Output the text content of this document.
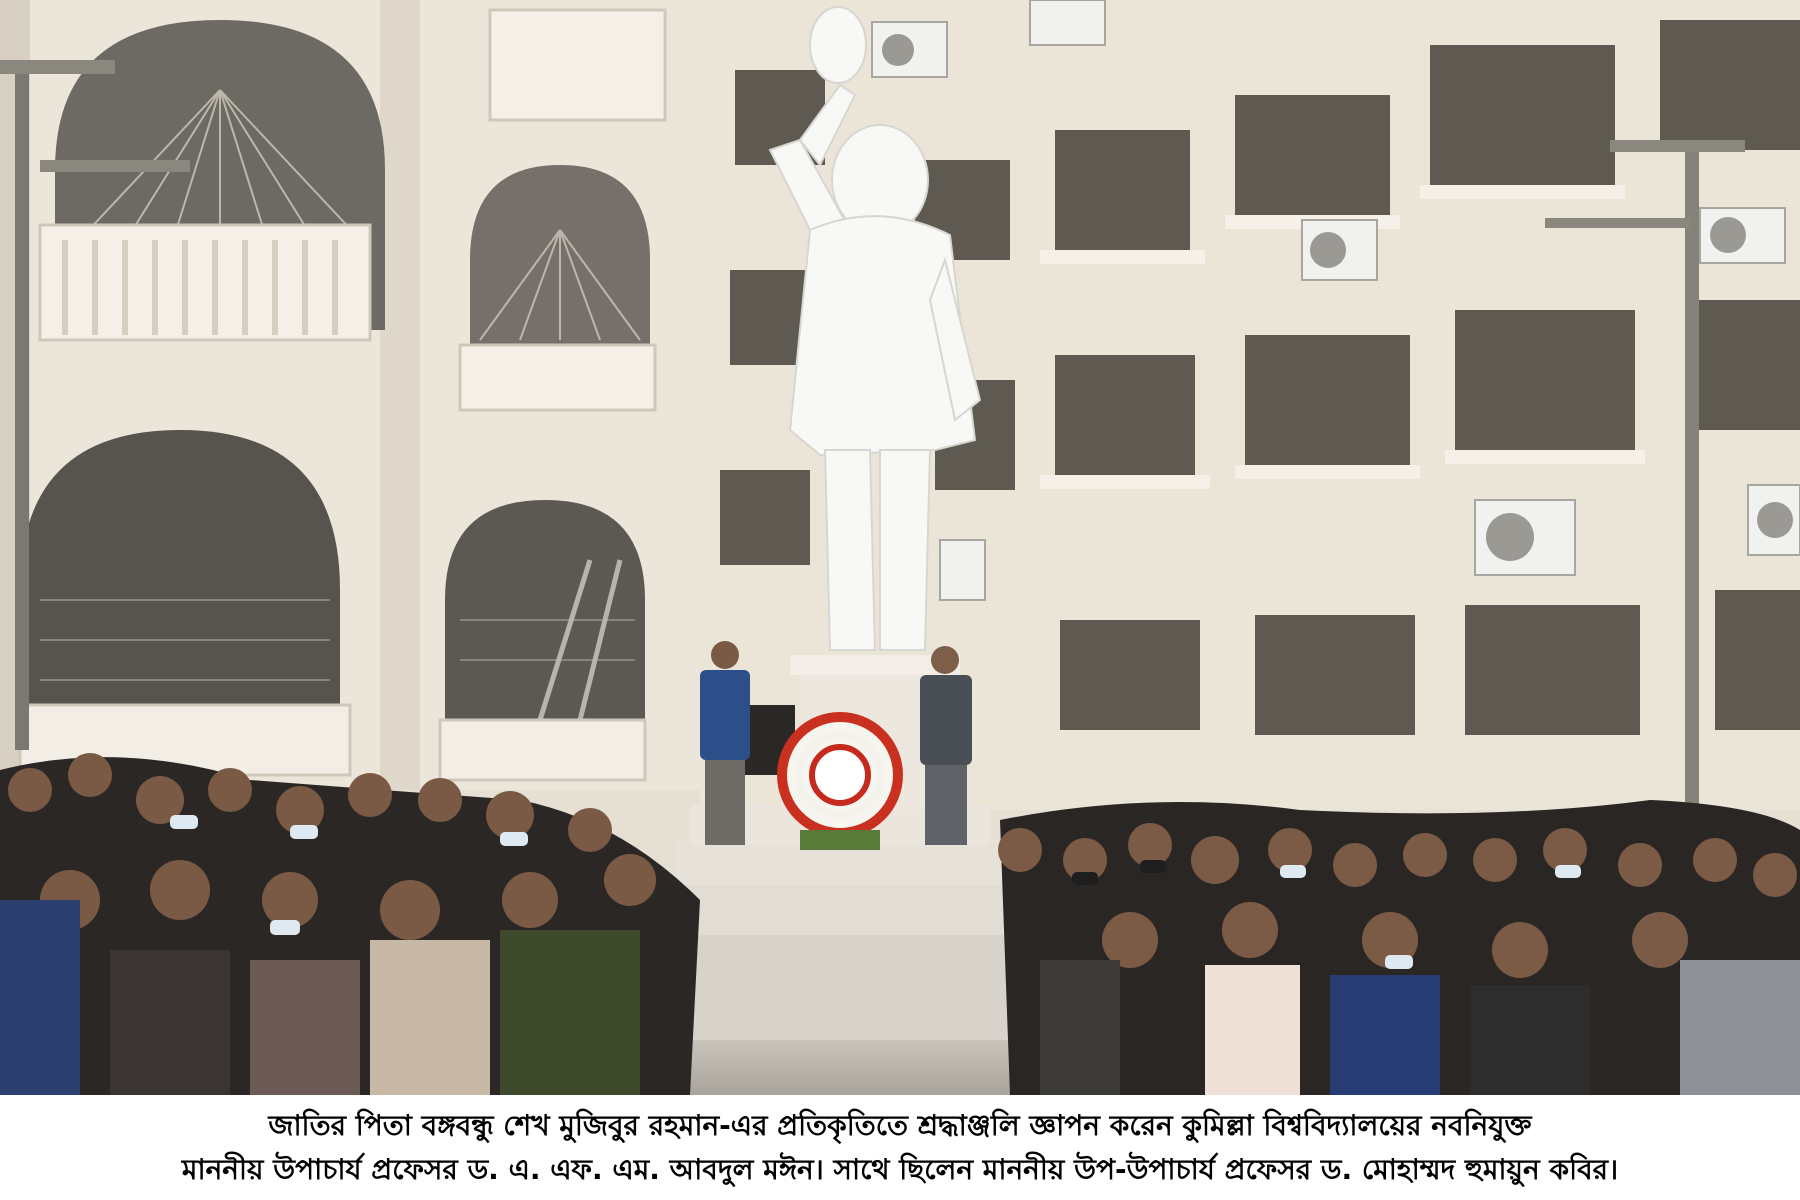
জাতির পিতা বঙ্গবন্ধু শেখ মুজিবুর রহমান-এর প্রতিকৃতিতে শ্রদ্ধাঞ্জলি জ্ঞাপন করেন কুমিল্লা বিশ্ববিদ্যালয়ের নবনিযুক্ত
মাননীয় উপাচার্য প্রফেসর ড. এ. এফ. এম. আবদুল মঈন। সাথে ছিলেন মাননীয় উপ-উপাচার্য প্রফেসর ড. মোহাম্মদ হুমায়ুন কবির।
